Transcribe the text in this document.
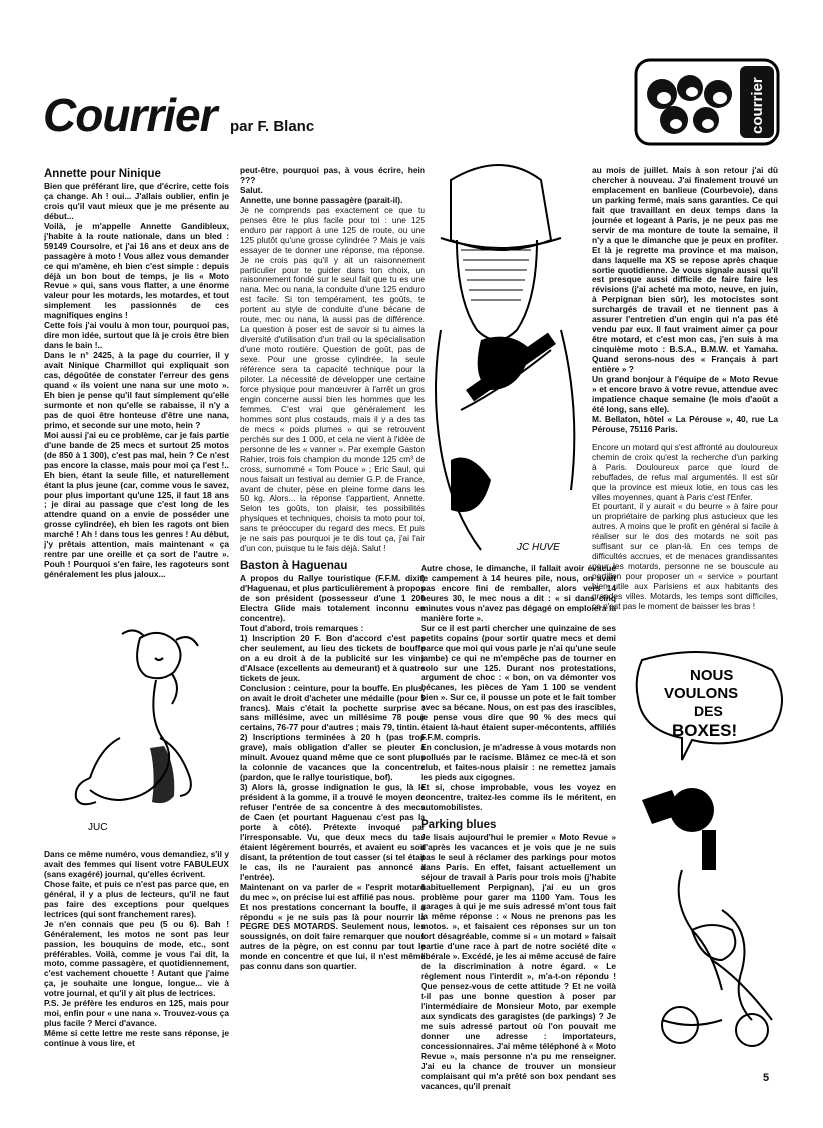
Courrier par F. Blanc	courrier
Annette pour Ninique

Bien que préférant lire, que d'écrire, cette fois ça change. Ah ! oui... J'allais oublier, enfin je crois qu'il vaut mieux que je me présente au début...

Voilà, je m'appelle Annette Gandibleux, j'habite à la route nationale, dans un bled : 59149 Coursolre, et j'ai 16 ans et deux ans de passagère à moto ! Vous allez vous demander ce qui m'amène, eh bien c'est simple : depuis déjà un bon bout de temps, je lis « Moto Revue » qui, sans vous flatter, a une énorme valeur pour les motards, les motardes, et tout simplement les passionnés de ces magnifiques engins !

Cette fois j'ai voulu à mon tour, pourquoi pas, dire mon idée, surtout que là je crois être bien dans le bain !..

Dans le n° 2425, à la page du courrier, il y avait Ninique Charmillot qui expliquait son cas, dégoûtée de constater l'erreur des gens quand « ils voient une nana sur une moto ». Eh bien je pense qu'il faut simplement qu'elle surmonte et non qu'elle se rabaisse, il n'y a pas de quoi être honteuse d'être une nana, primo, et seconde sur une moto, hein ?

Moi aussi j'ai eu ce problème, car je fais partie d'une bande de 25 mecs et surtout 25 motos (de 850 à 1 300), c'est pas mal, hein ? Ce n'est pas encore la classe, mais pour moi ça l'est !.. Eh bien, étant la seule fille, et naturellement étant la plus jeune (car, comme vous le savez, pour plus important qu'une 125, il faut 18 ans ; je dirai au passage que c'est long de les attendre quand on a envie de posséder une grosse cylindrée), eh bien les ragots ont bien marché ! Ah ! dans tous les genres ! Au début, j'y prêtais attention, mais maintenant « ça rentre par une oreille et ça sort de l'autre ». Pouh ! Pourquoi s'en faire, les ragoteurs sont généralement les plus jaloux...

JUC

Dans ce même numéro, vous demandiez, s'il y avait des femmes qui lisent votre FABULEUX (sans exagéré) journal, qu'elles écrivent.

Chose faite, et puis ce n'est pas parce que, en général, il y a plus de lecteurs, qu'il ne faut pas faire des exceptions pour quelques lectrices (qui sont franchement rares).

Je n'en connais que peu (5 ou 6). Bah ! Généralement, les motos ne sont pas leur passion, les bouquins de mode, etc., sont préférables. Voilà, comme je vous l'ai dit, la moto, comme passagère, et quotidiennement, c'est vachement chouette ! Autant que j'aime ça, je souhaite une longue, longue... vie à votre journal, et qu'il y ait plus de lectrices.

P.S. Je préfère les enduros en 125, mais pour moi, enfin pour « une nana ». Trouvez-vous ça plus facile ? Merci d'avance.

Même si cette lettre me reste sans réponse, je continue à vous lire, et

peut-être, pourquoi pas, à vous écrire, hein ???

Salut.

Annette, une bonne passagère (parait-il).

Je ne comprends pas exactement ce que tu penses être le plus facile pour toi : une 125 enduro par rapport à une 125 de route, ou une 125 plutôt qu'une grosse cylindrée ? Mais je vais essayer de te donner une réponse, ma réponse. Je ne crois pas qu'il y ait un raisonnement particulier pour te guider dans ton choix, un raisonnement fondé sur le seul fait que tu es une nana. Mec ou nana, la conduite d'une 125 enduro est facile. Si ton tempérament, tes goûts, te portent au style de conduite d'une bécane de route, mec ou nana, là aussi pas de différence. La question à poser est de savoir si tu aimes la diversité d'utilisation d'un trail ou la spécialisation d'une moto routière. Question de goût, pas de sexe. Pour une grosse cylindrée, la seule référence sera ta capacité technique pour la piloter. La nécessité de développer une certaine force physique pour manœuvrer à l'arrêt un gros engin concerne aussi bien les hommes que les femmes. C'est vrai que généralement les hommes sont plus costauds, mais il y a des tas de mecs « poids plumes » qui se retrouvent perchés sur des 1 000, et cela ne vient à l'idée de personne de les « vanner ». Par exemple Gaston Rahier, trois fois champion du monde 125 cm³ de cross, surnommé « Tom Pouce » ; Eric Saul, qui nous faisait un festival au dernier G.P. de France, avant de chuter, pèse en pleine forme dans les 50 kg. Alors... la réponse t'appartient, Annette. Selon tes goûts, ton plaisir, tes possibilités physiques et techniques, choisis ta moto pour toi, sans te préoccuper du regard des mecs. Et puis je ne sais pas pourquoi je te dis tout ça, j'ai l'air d'un con, puisque tu le fais déjà. Salut !

Baston à Haguenau

A propos du Rallye touristique (F.F.M. dixit) d'Haguenau, et plus particulièrement à propos de son président (possesseur d'une 1 200 Electra Glide mais totalement inconnu en concentre).

Tout d'abord, trois remarques :

1) Inscription 20 F. Bon d'accord c'est pas cher seulement, au lieu des tickets de bouffe on a eu droit à de la publicité sur les vins d'Alsace (excellents au demeurant) et à quatre tickets de jeux.

Conclusion : ceinture, pour la bouffe. En plus, on avait le droit d'acheter une médaille (pour 5 francs). Mais c'était la pochette surprise : sans millésime, avec un millésime 78 pour certains, 76-77 pour d'autres ; mais 79, tintin.

2) Inscriptions terminées à 20 h (pas trop grave), mais obligation d'aller se pieuter à minuit. Avouez quand même que ce sont plus la colonnie de vacances que la concentre (pardon, que le rallye touristique, bof).

3) Alors là, grosse indignation le gus, là le président à la gomme, il a trouvé le moyen de refuser l'entrée de sa concentre à des mecs de Caen (et pourtant Haguenau c'est pas la porte à côté). Prétexte invoqué par l'irresponsable. Vu, que deux mecs du tas étaient légèrement bourrés, et avaient eu soit disant, la prétention de tout casser (si tel était le cas, ils ne l'auraient pas annoncé à l'entrée).

Maintenant on va parler de « l'esprit motard du mec », on précise lui est affilié pas nous.

Et nos prestations concernant la bouffe, il a répondu « je ne suis pas là pour nourrir la PEGRE DES MOTARDS. Seulement nous, les soussignés, on doit faire remarquer que nous autres de la pègre, on est connu par tout le monde en concentre et que lui, il n'est même pas connu dans son quartier.

JC HUVE

Autre chose, le dimanche, il fallait avoir évacué le campement à 14 heures pile, nous, on avait pas encore fini de remballer, alors vers 14 heures 30, le mec nous a dit : « si dans cinq minutes vous n'avez pas dégagé on emploiera la manière forte ».

Sur ce il est parti chercher une quinzaine de ses petits copains (pour sortir quatre mecs et demi parce que moi qui vous parle je n'ai qu'une seule jambe) ce qui ne m'empêche pas de tourner en solo sur une 125. Durant nos protestations, argument de choc : « bon, on va démonter vos bécanes, les pièces de Yam 1 100 se vendent bien ». Sur ce, il pousse un pote et le fait tomber avec sa bécane. Nous, on est pas des irascibles, je pense vous dire que 90 % des mecs qui étaient là-haut étaient super-mécontents, affiliés F.F.M. compris.

En conclusion, je m'adresse à vous motards non pollués par le racisme. Blâmez ce mec-là et son club, et faites-nous plaisir : ne remettez jamais les pieds aux cigognes.

Et si, chose improbable, vous les voyez en concentre, traitez-les comme ils le méritent, en automobilistes.

Parking blues

Je lisais aujourd'hui le premier « Moto Revue » d'après les vacances et je vois que je ne suis pas le seul à réclamer des parkings pour motos dans Paris. En effet, faisant actuellement un séjour de travail à Paris pour trois mois (j'habite habituellement Perpignan), j'ai eu un gros problème pour garer ma 1100 Yam. Tous les garages à qui je me suis adressé m'ont tous fait la même réponse : « Nous ne prenons pas les motos. », et faisaient ces réponses sur un ton fort désagréable, comme si « un motard » faisait partie d'une race à part de notre société dite « libérale ». Excédé, je les ai même accusé de faire de la discrimination à notre égard. « Le règlement nous l'interdit », m'a-t-on répondu ! Que pensez-vous de cette attitude ? Et ne voilà t-il pas une bonne question à poser par l'intermédiaire de Monsieur Moto, par exemple aux syndicats des garagistes (de parkings) ? Je me suis adressé partout où l'on pouvait me donner une adresse : importateurs, concessionnaires. J'ai même téléphoné à « Moto Revue », mais personne n'a pu me renseigner. J'ai eu la chance de trouver un monsieur complaisant qui m'a prêté son box pendant ses vacances, qu'il prenait

au mois de juillet. Mais à son retour j'ai dû chercher à nouveau. J'ai finalement trouvé un emplacement en banlieue (Courbevoie), dans un parking fermé, mais sans garanties. Ce qui fait que travaillant en deux temps dans la journée et logeant à Paris, je ne peux pas me servir de ma monture de toute la semaine, il n'y a que le dimanche que je peux en profiter. Et là je regrette ma province et ma maison, dans laquelle ma XS se repose après chaque sortie quotidienne. Je vous signale aussi qu'il est presque aussi difficile de faire faire les révisions (j'ai acheté ma moto, neuve, en juin, à Perpignan bien sûr), les motocistes sont surchargés de travail et ne tiennent pas à assurer l'entretien d'un engin qui n'a pas été vendu par eux. Il faut vraiment aimer ça pour être motard, et c'est mon cas, j'en suis à ma cinquième moto : B.S.A., B.M.W. et Yamaha. Quand serons-nous des « Français à part entière » ?

Un grand bonjour à l'équipe de « Moto Revue » et encore bravo à votre revue, attendue avec impatience chaque semaine (le mois d'août a été long, sans elle).

M. Bellaton, hôtel « La Pérouse », 40, rue La Pérouse, 75116 Paris.

Encore un motard qui s'est affronté au douloureux chemin de croix qu'est la recherche d'un parking à Paris. Douloureux parce que lourd de rebuffades, de refus mal argumentés. Il est sûr que la province est mieux lotie, en tous cas les villes moyennes, quant à Paris c'est l'Enfer.

Et pourtant, il y aurait « du beurre » à faire pour un propriétaire de parking plus astucieux que les autres. A moins que le profit en général si facile à réaliser sur le dos des motards ne soit pas suffisant sur ce plan-là. En ces temps de difficultés accrues, et de menaces grandissantes pour les motards, personne ne se bouscule au portillon pour proposer un « service » pourtant bien utile aux Parisiens et aux habitants des grandes villes. Motards, les temps sont difficiles, ce n'est pas le moment de baisser les bras !

NOUS
VOULONS
DES
BOXES!
5
